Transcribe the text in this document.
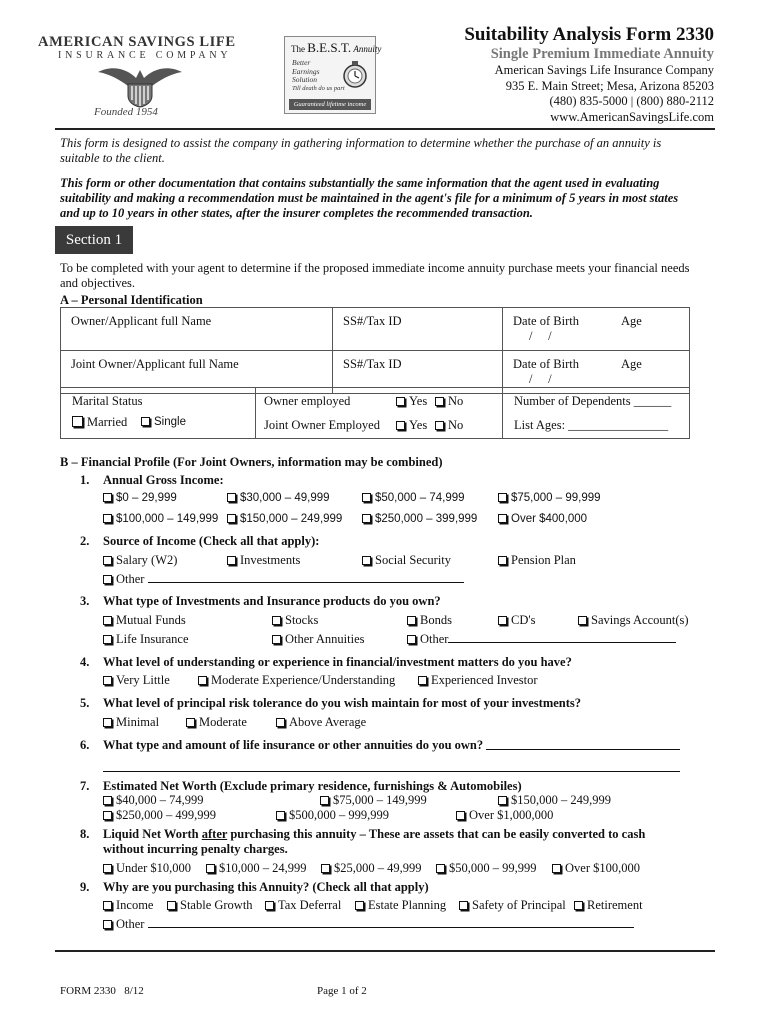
AMERICAN SAVINGS LIFE
INSURANCE COMPANY
Founded 1954
The B.E.S.T. Annuity
Better
Earnings
Solution
Till death do us part
Guaranteed lifetime income
Suitability Analysis Form 2330
Single Premium Immediate Annuity
American Savings Life Insurance Company
935 E. Main Street; Mesa, Arizona 85203
(480) 835-5000 | (800) 880-2112
www.AmericanSavingsLife.com
This form is designed to assist the company in gathering information to determine whether the purchase of an annuity is suitable to the client.
This form or other documentation that contains substantially the same information that the agent used in evaluating suitability and making a recommendation must be maintained in the agent's file for a minimum of 5 years in most states and up to 10 years in other states, after the insurer completes the recommended transaction.
Section 1
To be completed with your agent to determine if the proposed immediate income annuity purchase meets your financial needs and objectives.
A – Personal Identification
Owner/Applicant full Name	SS#/Tax ID	Date of Birth Age
/     /

Joint Owner/Applicant full Name	SS#/Tax ID	Date of Birth Age
/     /
Marital Status
Married	Single
Owner employed	Yes	No
Joint Owner Employed	Yes	No
Number of Dependents ______
List Ages: ________________
B – Financial Profile (For Joint Owners, information may be combined)
1. Annual Gross Income:
$0 – 29,999	$30,000 – 49,999	$50,000 – 74,999	$75,000 – 99,999
$100,000 – 149,999	$150,000 – 249,999	$250,000 – 399,999	Over $400,000
2. Source of Income (Check all that apply):
Salary (W2)	Investments	Social Security	Pension Plan
Other
3. What type of Investments and Insurance products do you own?
Mutual Funds	Stocks	Bonds	CD's	Savings Account(s)
Life Insurance	Other Annuities	Other
4. What level of understanding or experience in financial/investment matters do you have?
Very Little	Moderate Experience/Understanding	Experienced Investor
5. What level of principal risk tolerance do you wish maintain for most of your investments?
Minimal	Moderate	Above Average
6. What type and amount of life insurance or other annuities do you own?
7. Estimated Net Worth (Exclude primary residence, furnishings & Automobiles)
$40,000 – 74,999	$75,000 – 149,999	$150,000 – 249,999
$250,000 – 499,999	$500,000 – 999,999	Over $1,000,000
8. Liquid Net Worth after purchasing this annuity – These are assets that can be easily converted to cash
without incurring penalty charges.
Under $10,000	$10,000 – 24,999	$25,000 – 49,999	$50,000 – 99,999	Over $100,000
9. Why are you purchasing this Annuity? (Check all that apply)
Income	Stable Growth	Tax Deferral	Estate Planning	Safety of Principal	Retirement
Other
FORM 2330 8/12	Page 1 of 2
